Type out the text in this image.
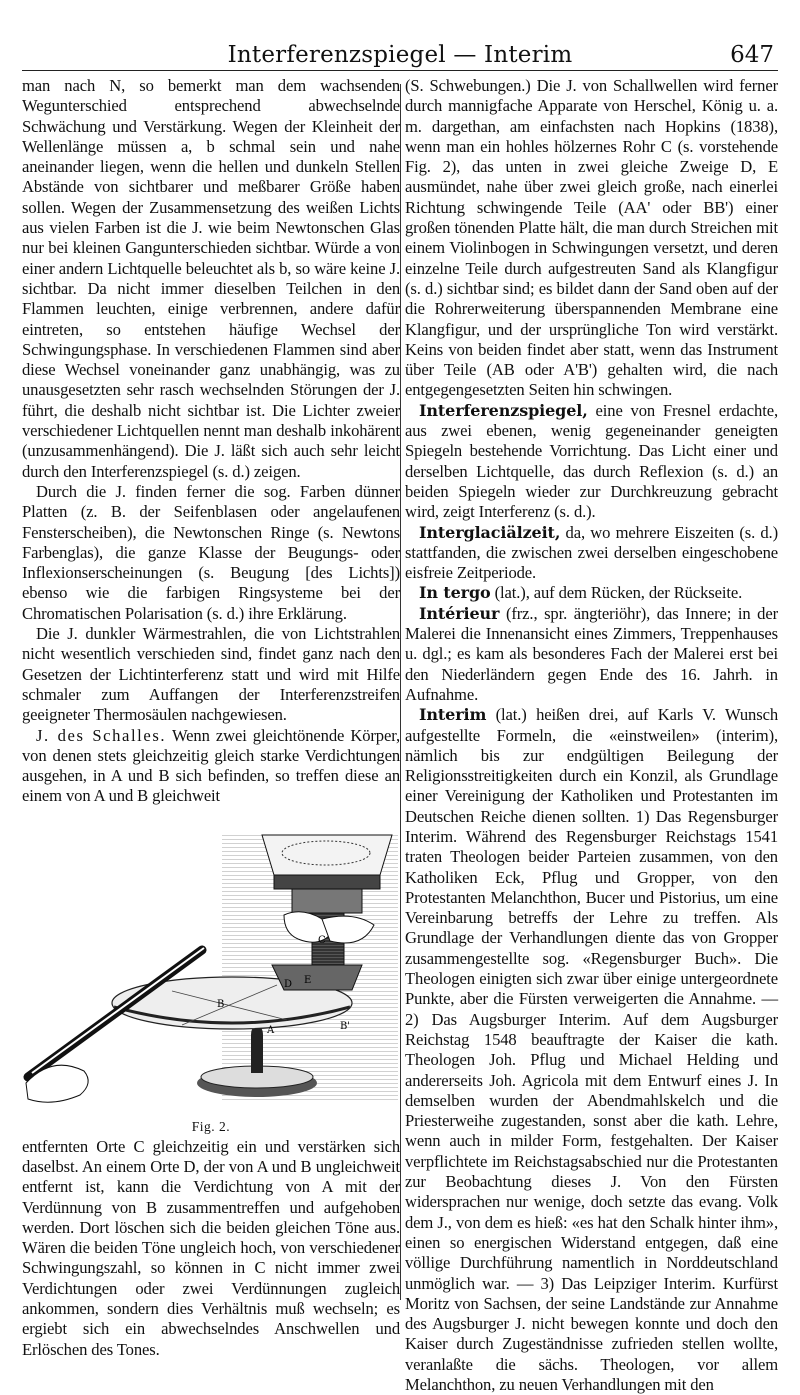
Interferenzspiegel — Interim	647

man nach N, so bemerkt man dem wachsenden Wegunterschied entsprechend abwechselnde Schwächung und Verstärkung. Wegen der Kleinheit der Wellenlänge müssen a, b schmal sein und nahe aneinander liegen, wenn die hellen und dunkeln Stellen Abstände von sichtbarer und meßbarer Größe haben sollen. Wegen der Zusammensetzung des weißen Lichts aus vielen Farben ist die J. wie beim Newtonschen Glas nur bei kleinen Gangunterschieden sichtbar. Würde a von einer andern Lichtquelle beleuchtet als b, so wäre keine J. sichtbar. Da nicht immer dieselben Teilchen in den Flammen leuchten, einige verbrennen, andere dafür eintreten, so entstehen häufige Wechsel der Schwingungsphase. In verschiedenen Flammen sind aber diese Wechsel voneinander ganz unabhängig, was zu unausgesetzten sehr rasch wechselnden Störungen der J. führt, die deshalb nicht sichtbar ist. Die Lichter zweier verschiedener Lichtquellen nennt man deshalb inkohärent (unzusammenhängend). Die J. läßt sich auch sehr leicht durch den Interferenzspiegel (s. d.) zeigen.

Durch die J. finden ferner die sog. Farben dünner Platten (z. B. der Seifenblasen oder angelaufenen Fensterscheiben), die Newtonschen Ringe (s. Newtons Farbenglas), die ganze Klasse der Beugungs- oder Inflexionserscheinungen (s. Beugung [des Lichts]) ebenso wie die farbigen Ringsysteme bei der Chromatischen Polarisation (s. d.) ihre Erklärung.

Die J. dunkler Wärmestrahlen, die von Lichtstrahlen nicht wesentlich verschieden sind, findet ganz nach den Gesetzen der Lichtinterferenz statt und wird mit Hilfe schmaler zum Auffangen der Interferenzstreifen geeigneter Thermosäulen nachgewiesen.

J. des Schalles. Wenn zwei gleichtönende Körper, von denen stets gleichzeitig gleich starke Verdichtungen ausgehen, in A und B sich befinden, so treffen diese an einem von A und B gleichweit

B
A	B'
C
E
D
Fig. 2.

entfernten Orte C gleichzeitig ein und verstärken sich daselbst. An einem Orte D, der von A und B ungleichweit entfernt ist, kann die Verdichtung von A mit der Verdünnung von B zusammentreffen und aufgehoben werden. Dort löschen sich die beiden gleichen Töne aus. Wären die beiden Töne ungleich hoch, von verschiedener Schwingungszahl, so können in C nicht immer zwei Verdichtungen oder zwei Verdünnungen zugleich ankommen, sondern dies Verhältnis muß wechseln; es ergiebt sich ein abwechselndes Anschwellen und Erlöschen des Tones.

(S. Schwebungen.) Die J. von Schallwellen wird ferner durch mannigfache Apparate von Herschel, König u. a. m. dargethan, am einfachsten nach Hopkins (1838), wenn man ein hohles hölzernes Rohr C (s. vorstehende Fig. 2), das unten in zwei gleiche Zweige D, E ausmündet, nahe über zwei gleich große, nach einerlei Richtung schwingende Teile (AA' oder BB') einer großen tönenden Platte hält, die man durch Streichen mit einem Violinbogen in Schwingungen versetzt, und deren einzelne Teile durch aufgestreuten Sand als Klangfigur (s. d.) sichtbar sind; es bildet dann der Sand oben auf der die Rohrerweiterung überspannenden Membrane eine Klangfigur, und der ursprüngliche Ton wird verstärkt. Keins von beiden findet aber statt, wenn das Instrument über Teile (AB oder A'B') gehalten wird, die nach entgegengesetzten Seiten hin schwingen.

Interferenzspiegel, eine von Fresnel erdachte, aus zwei ebenen, wenig gegeneinander geneigten Spiegeln bestehende Vorrichtung. Das Licht einer und derselben Lichtquelle, das durch Reflexion (s. d.) an beiden Spiegeln wieder zur Durchkreuzung gebracht wird, zeigt Interferenz (s. d.).

Interglaciälzeit, da, wo mehrere Eiszeiten (s. d.) stattfanden, die zwischen zwei derselben eingeschobene eisfreie Zeitperiode.

In tergo (lat.), auf dem Rücken, der Rückseite.

Intérieur (frz., spr. ängteriöhr), das Innere; in der Malerei die Innenansicht eines Zimmers, Treppenhauses u. dgl.; es kam als besonderes Fach der Malerei erst bei den Niederländern gegen Ende des 16. Jahrh. in Aufnahme.

Interim (lat.) heißen drei, auf Karls V. Wunsch aufgestellte Formeln, die «einstweilen» (interim), nämlich bis zur endgültigen Beilegung der Religionsstreitigkeiten durch ein Konzil, als Grundlage einer Vereinigung der Katholiken und Protestanten im Deutschen Reiche dienen sollten. 1) Das Regensburger Interim. Während des Regensburger Reichstags 1541 traten Theologen beider Parteien zusammen, von den Katholiken Eck, Pflug und Gropper, von den Protestanten Melanchthon, Bucer und Pistorius, um eine Vereinbarung betreffs der Lehre zu treffen. Als Grundlage der Verhandlungen diente das von Gropper zusammengestellte sog. «Regensburger Buch». Die Theologen einigten sich zwar über einige untergeordnete Punkte, aber die Fürsten verweigerten die Annahme. — 2) Das Augsburger Interim. Auf dem Augsburger Reichstag 1548 beauftragte der Kaiser die kath. Theologen Joh. Pflug und Michael Helding und andererseits Joh. Agricola mit dem Entwurf eines J. In demselben wurden der Abendmahlskelch und die Priesterweihe zugestanden, sonst aber die kath. Lehre, wenn auch in milder Form, festgehalten. Der Kaiser verpflichtete im Reichstagsabschied nur die Protestanten zur Beobachtung dieses J. Von den Fürsten widersprachen nur wenige, doch setzte das evang. Volk dem J., von dem es hieß: «es hat den Schalk hinter ihm», einen so energischen Widerstand entgegen, daß eine völlige Durchführung namentlich in Norddeutschland unmöglich war. — 3) Das Leipziger Interim. Kurfürst Moritz von Sachsen, der seine Landstände zur Annahme des Augsburger J. nicht bewegen konnte und doch den Kaiser durch Zugeständnisse zufrieden stellen wollte, veranlaßte die sächs. Theologen, vor allem Melanchthon, zu neuen Verhandlungen mit den
